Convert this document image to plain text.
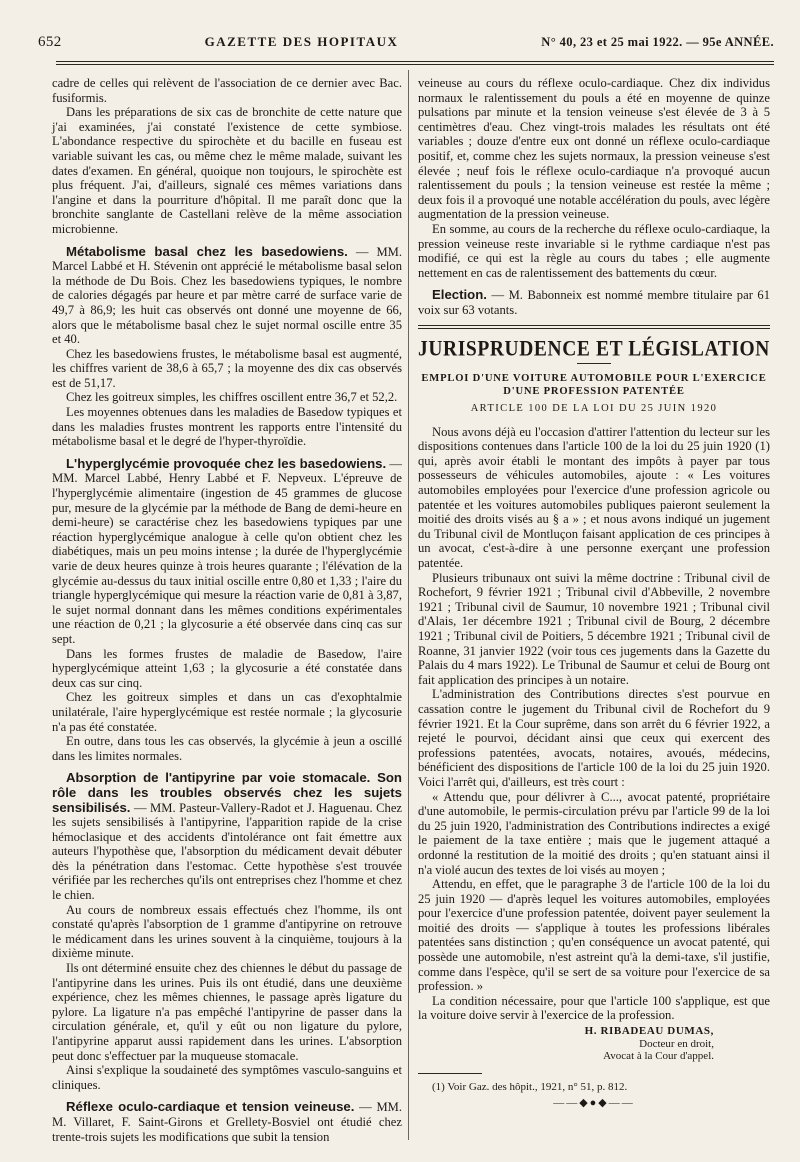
652	GAZETTE DES HOPITAUX	N° 40, 23 et 25 mai 1922. — 95e ANNÉE.

cadre de celles qui relèvent de l'association de ce dernier avec Bac. fusiformis.

Dans les préparations de six cas de bronchite de cette nature que j'ai examinées, j'ai constaté l'existence de cette symbiose. L'abondance respective du spirochète et du bacille en fuseau est variable suivant les cas, ou même chez le même malade, suivant les dates d'examen. En général, quoique non toujours, le spirochète est plus fréquent. J'ai, d'ailleurs, signalé ces mêmes variations dans l'angine et dans la pourriture d'hôpital. Il me paraît donc que la bronchite sanglante de Castellani relève de la même association microbienne.

Métabolisme basal chez les basedowiens. — MM. Marcel Labbé et H. Stévenin ont apprécié le métabolisme basal selon la méthode de Du Bois. Chez les basedowiens typiques, le nombre de calories dégagés par heure et par mètre carré de surface varie de 49,7 à 86,9; les huit cas observés ont donné une moyenne de 66, alors que le métabolisme basal chez le sujet normal oscille entre 35 et 40.

Chez les basedowiens frustes, le métabolisme basal est augmenté, les chiffres varient de 38,6 à 65,7 ; la moyenne des dix cas observés est de 51,17.

Chez les goitreux simples, les chiffres oscillent entre 36,7 et 52,2.

Les moyennes obtenues dans les maladies de Basedow typiques et dans les maladies frustes montrent les rapports entre l'intensité du métabolisme basal et le degré de l'hyper-thyroïdie.

L'hyperglycémie provoquée chez les basedowiens. — MM. Marcel Labbé, Henry Labbé et F. Nepveux. L'épreuve de l'hyperglycémie alimentaire (ingestion de 45 grammes de glucose pur, mesure de la glycémie par la méthode de Bang de demi-heure en demi-heure) se caractérise chez les basedowiens typiques par une réaction hyperglycémique analogue à celle qu'on obtient chez les diabétiques, mais un peu moins intense ; la durée de l'hyperglycémie varie de deux heures quinze à trois heures quarante ; l'élévation de la glycémie au-dessus du taux initial oscille entre 0,80 et 1,33 ; l'aire du triangle hyperglycémique qui mesure la réaction varie de 0,81 à 3,87, le sujet normal donnant dans les mêmes conditions expérimentales une réaction de 0,21 ; la glycosurie a été observée dans cinq cas sur sept.

Dans les formes frustes de maladie de Basedow, l'aire hyperglycémique atteint 1,63 ; la glycosurie a été constatée dans deux cas sur cinq.

Chez les goitreux simples et dans un cas d'exophtalmie unilatérale, l'aire hyperglycémique est restée normale ; la glycosurie n'a pas été constatée.

En outre, dans tous les cas observés, la glycémie à jeun a oscillé dans les limites normales.

Absorption de l'antipyrine par voie stomacale. Son rôle dans les troubles observés chez les sujets sensibilisés. — MM. Pasteur-Vallery-Radot et J. Haguenau. Chez les sujets sensibilisés à l'antipyrine, l'apparition rapide de la crise hémoclasique et des accidents d'intolérance ont fait émettre aux auteurs l'hypothèse que, l'absorption du médicament devait débuter dès la pénétration dans l'estomac. Cette hypothèse s'est trouvée vérifiée par les recherches qu'ils ont entreprises chez l'homme et chez le chien.

Au cours de nombreux essais effectués chez l'homme, ils ont constaté qu'après l'absorption de 1 gramme d'antipyrine on retrouve le médicament dans les urines souvent à la cinquième, toujours à la dixième minute.

Ils ont déterminé ensuite chez des chiennes le début du passage de l'antipyrine dans les urines. Puis ils ont étudié, dans une deuxième expérience, chez les mêmes chiennes, le passage après ligature du pylore. La ligature n'a pas empêché l'antipyrine de passer dans la circulation générale, et, qu'il y eût ou non ligature du pylore, l'antipyrine apparut aussi rapidement dans les urines. L'absorption peut donc s'effectuer par la muqueuse stomacale.

Ainsi s'explique la soudaineté des symptômes vasculo-sanguins et cliniques.

Réflexe oculo-cardiaque et tension veineuse. — MM. M. Villaret, F. Saint-Girons et Grellety-Bosviel ont étudié chez trente-trois sujets les modifications que subit la tension

veineuse au cours du réflexe oculo-cardiaque. Chez dix individus normaux le ralentissement du pouls a été en moyenne de quinze pulsations par minute et la tension veineuse s'est élevée de 3 à 5 centimètres d'eau. Chez vingt-trois malades les résultats ont été variables ; douze d'entre eux ont donné un réflexe oculo-cardiaque positif, et, comme chez les sujets normaux, la pression veineuse s'est élevée ; neuf fois le réflexe oculo-cardiaque n'a provoqué aucun ralentissement du pouls ; la tension veineuse est restée la même ; deux fois il a provoqué une notable accélération du pouls, avec légère augmentation de la pression veineuse.

En somme, au cours de la recherche du réflexe oculo-cardiaque, la pression veineuse reste invariable si le rythme cardiaque n'est pas modifié, ce qui est la règle au cours du tabes ; elle augmente nettement en cas de ralentissement des battements du cœur.

Election. — M. Babonneix est nommé membre titulaire par 61 voix sur 63 votants.

JURISPRUDENCE ET LÉGISLATION
EMPLOI D'UNE VOITURE AUTOMOBILE POUR L'EXERCICE
D'UNE PROFESSION PATENTÉE
ARTICLE 100 DE LA LOI DU 25 JUIN 1920

Nous avons déjà eu l'occasion d'attirer l'attention du lecteur sur les dispositions contenues dans l'article 100 de la loi du 25 juin 1920 (1) qui, après avoir établi le montant des impôts à payer par tous possesseurs de véhicules automobiles, ajoute : « Les voitures automobiles employées pour l'exercice d'une profession agricole ou patentée et les voitures automobiles publiques paieront seulement la moitié des droits visés au § a » ; et nous avons indiqué un jugement du Tribunal civil de Montluçon faisant application de ces principes à un avocat, c'est-à-dire à une personne exerçant une profession patentée.

Plusieurs tribunaux ont suivi la même doctrine : Tribunal civil de Rochefort, 9 février 1921 ; Tribunal civil d'Abbeville, 2 novembre 1921 ; Tribunal civil de Saumur, 10 novembre 1921 ; Tribunal civil d'Alais, 1er décembre 1921 ; Tribunal civil de Bourg, 2 décembre 1921 ; Tribunal civil de Poitiers, 5 décembre 1921 ; Tribunal civil de Roanne, 31 janvier 1922 (voir tous ces jugements dans la Gazette du Palais du 4 mars 1922). Le Tribunal de Saumur et celui de Bourg ont fait application des principes à un notaire.

L'administration des Contributions directes s'est pourvue en cassation contre le jugement du Tribunal civil de Rochefort du 9 février 1921. Et la Cour suprême, dans son arrêt du 6 février 1922, a rejeté le pourvoi, décidant ainsi que ceux qui exercent des professions patentées, avocats, notaires, avoués, médecins, bénéficient des dispositions de l'article 100 de la loi du 25 juin 1920. Voici l'arrêt qui, d'ailleurs, est très court :

« Attendu que, pour délivrer à C..., avocat patenté, propriétaire d'une automobile, le permis-circulation prévu par l'article 99 de la loi du 25 juin 1920, l'administration des Contributions indirectes a exigé le paiement de la taxe entière ; mais que le jugement attaqué a ordonné la restitution de la moitié des droits ; qu'en statuant ainsi il n'a violé aucun des textes de loi visés au moyen ;

Attendu, en effet, que le paragraphe 3 de l'article 100 de la loi du 25 juin 1920 — d'après lequel les voitures automobiles, employées pour l'exercice d'une profession patentée, doivent payer seulement la moitié des droits — s'applique à toutes les professions libérales patentées sans distinction ; qu'en conséquence un avocat patenté, qui possède une automobile, n'est astreint qu'à la demi-taxe, s'il justifie, comme dans l'espèce, qu'il se sert de sa voiture pour l'exercice de sa profession. »

La condition nécessaire, pour que l'article 100 s'applique, est que la voiture doive servir à l'exercice de la profession.

H. RIBADEAU DUMAS,
Docteur en droit,
Avocat à la Cour d'appel.

(1) Voir Gaz. des hôpit., 1921, n° 51, p. 812.

——◆●◆——
